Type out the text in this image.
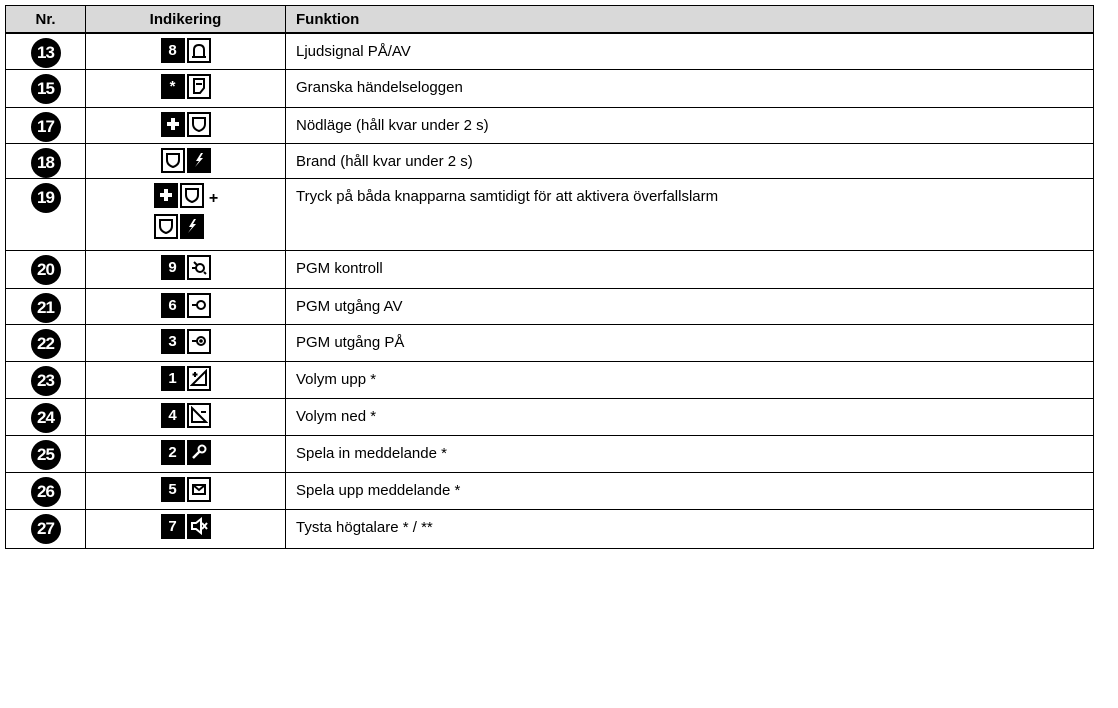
Nr.	Indikering	Funktion
13	8	Ljudsignal PÅ/AV
15	*	Granska händelseloggen
17		Nödläge (håll kvar under 2 s)
18		Brand (håll kvar under 2 s)
19	+	Tryck på båda knapparna samtidigt för att aktivera överfallslarm
20	9	PGM kontroll
21	6	PGM utgång AV
22	3	PGM utgång PÅ
23	1	Volym upp *
24	4	Volym ned *
25	2	Spela in meddelande *
26	5	Spela upp meddelande *
27	7	Tysta högtalare * / **
